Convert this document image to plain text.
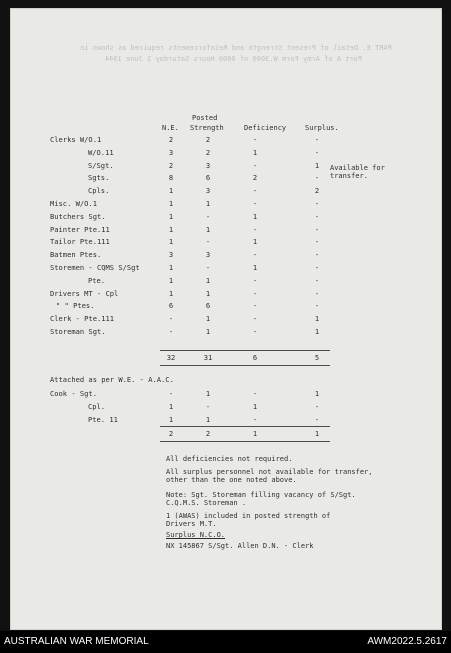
PART E. Detail of Present Strength and Reinforcements required as shown in
Part A of Army Form W.3009 of 0000 Hours Saturday 1 June 1944
N.E.
Posted
Strength	Deficiency	Surplus.
Clerks W/O.1	2	2	-	-
W/O.11	3	2	1	-
S/Sgt.	2	3	-	1
Sgts.	8	6	2	-
Cpls.	1	3	-	2
Misc. W/O.1	1	1	-	-
Butchers Sgt.	1	-	1	-
Painter Pte.11	1	1	-	-
Tailor Pte.111	1	-	1	-
Batmen Ptes.	3	3	-	-
Storemen - CQMS S/Sgt	1	-	1	-
Pte.	1	1	-	-
Drivers MT - Cpl	1	1	-	-
" " Ptes.	6	6	-	-
Clerk - Pte.111	-	1	-	1
Storeman Sgt.	-	1	-	1
Available for
transfer.
32	31	6	5
Attached as per W.E. - A.A.C.
Cook - Sgt.	-	1	-	1
Cpl.	1	-	1	-
Pte. 11	1	1	-	-
2	2	1	1
All deficiencies not required.
All surplus personnel not available for transfer,
other than the one noted above.
Note: Sgt. Storeman filling vacancy of S/Sgt.
C.Q.M.S. Storeman .
1 (AWAS) included in posted strength of
Drivers M.T.
Surplus N.C.O.
NX 145867 S/Sgt. Allen D.N. - Clerk
AUSTRALIAN WAR MEMORIAL	AWM2022.5.2617
